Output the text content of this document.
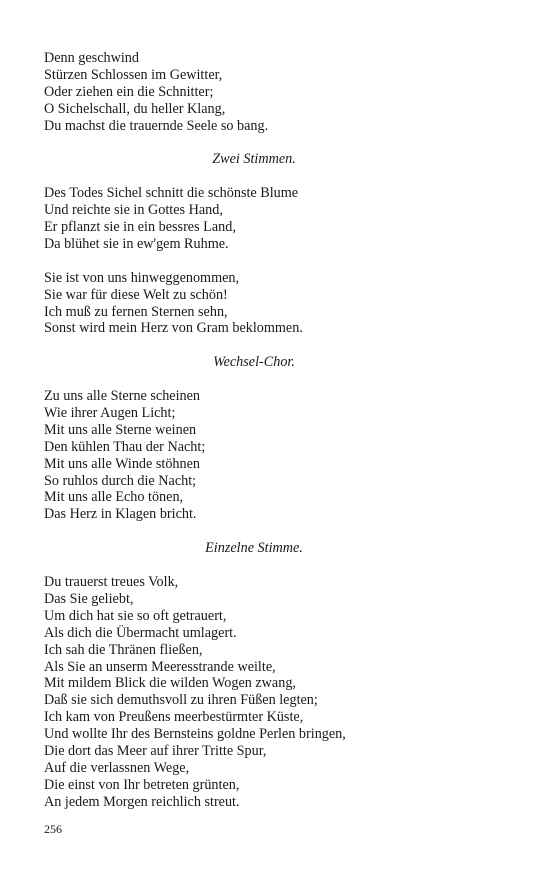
Denn geschwind
Stürzen Schlossen im Gewitter,
Oder ziehen ein die Schnitter;
O Sichelschall, du heller Klang,
Du machst die trauernde Seele so bang.
Zwei Stimmen.
Des Todes Sichel schnitt die schönste Blume
Und reichte sie in Gottes Hand,
Er pflanzt sie in ein bessres Land,
Da blühet sie in ew'gem Ruhme.
Sie ist von uns hinweggenommen,
Sie war für diese Welt zu schön!
Ich muß zu fernen Sternen sehn,
Sonst wird mein Herz von Gram beklommen.
Wechsel-Chor.
Zu uns alle Sterne scheinen
Wie ihrer Augen Licht;
Mit uns alle Sterne weinen
Den kühlen Thau der Nacht;
Mit uns alle Winde stöhnen
So ruhlos durch die Nacht;
Mit uns alle Echo tönen,
Das Herz in Klagen bricht.
Einzelne Stimme.
Du trauerst treues Volk,
Das Sie geliebt,
Um dich hat sie so oft getrauert,
Als dich die Übermacht umlagert.
Ich sah die Thränen fließen,
Als Sie an unserm Meeresstrande weilte,
Mit mildem Blick die wilden Wogen zwang,
Daß sie sich demuthsvoll zu ihren Füßen legten;
Ich kam von Preußens meerbestürmter Küste,
Und wollte Ihr des Bernsteins goldne Perlen bringen,
Die dort das Meer auf ihrer Tritte Spur,
Auf die verlassnen Wege,
Die einst von Ihr betreten grünten,
An jedem Morgen reichlich streut.
256
